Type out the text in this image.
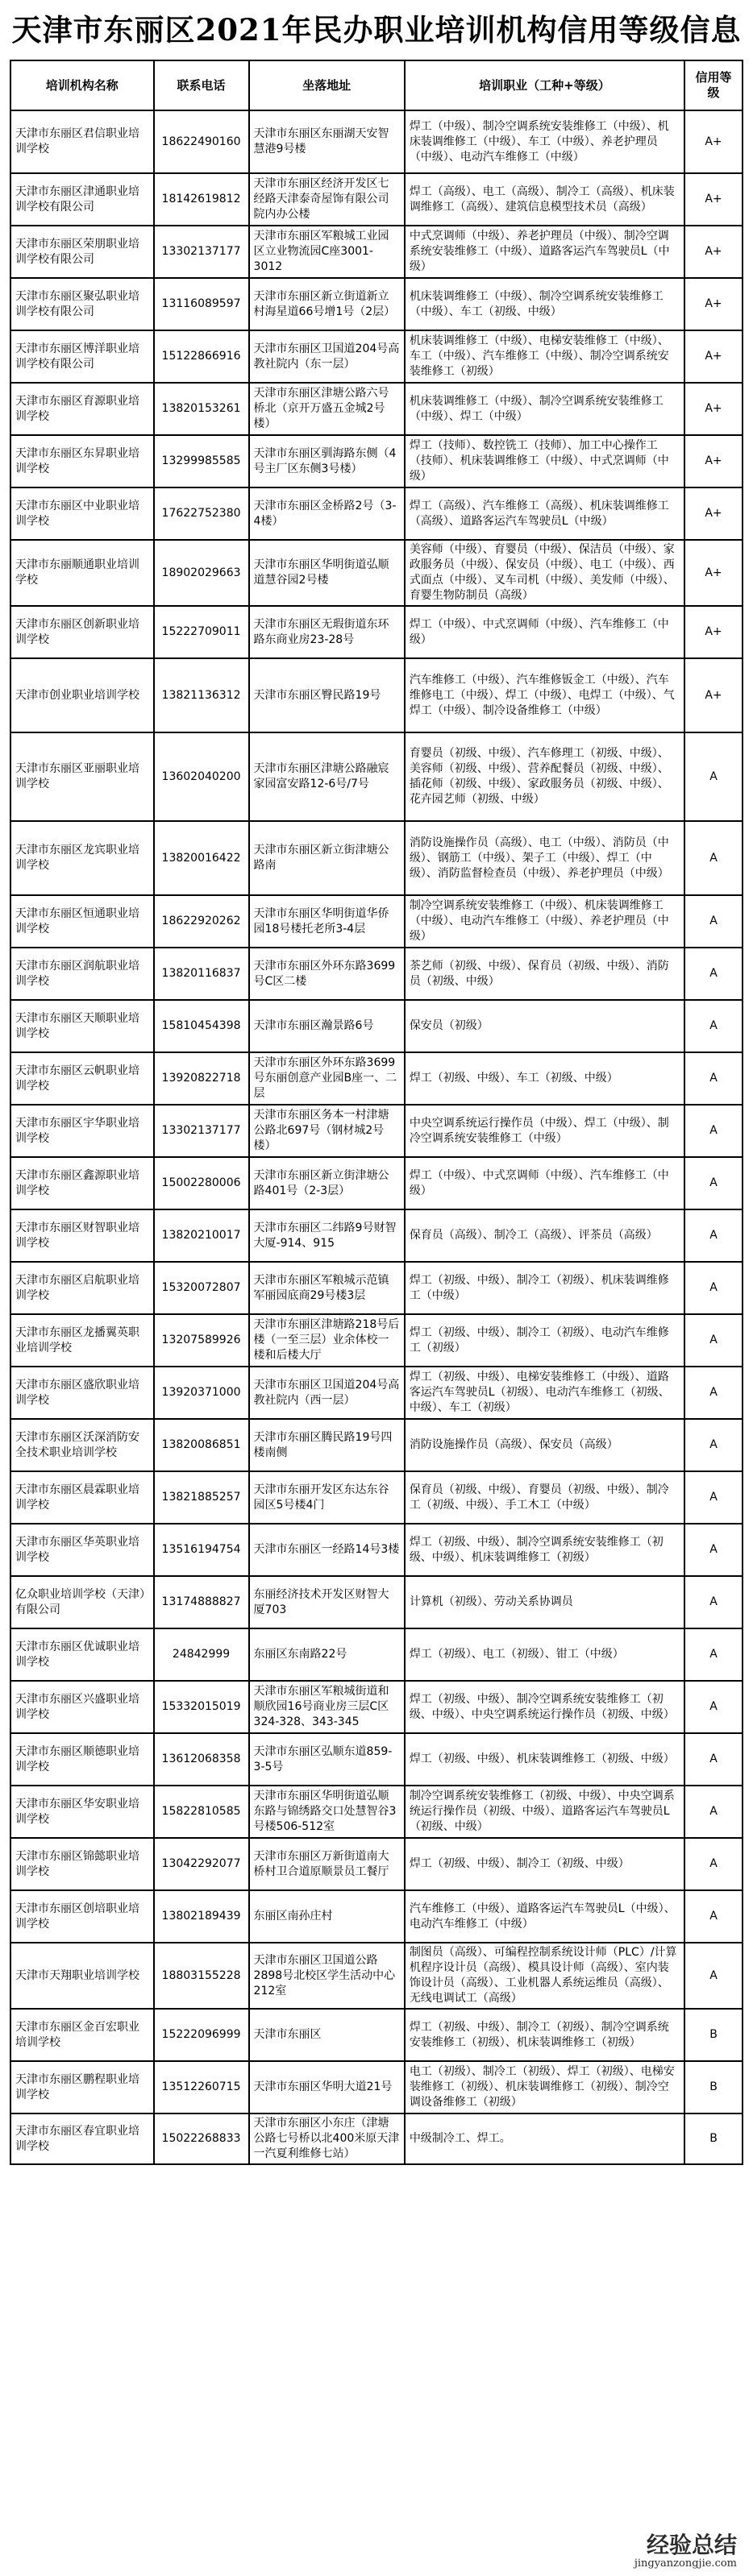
天津市东丽区2021年民办职业培训机构信用等级信息
培训机构名称	联系电话	坐落地址	培训职业（工种+等级）	信用等级
天津市东丽区君信职业培训学校	18622490160	天津市东丽区东丽湖天安智慧港9号楼	焊工（中级）、制冷空调系统安装维修工（中级）、机床装调维修工（中级）、车工（中级）、养老护理员（中级）、电动汽车维修工（中级）	A+
天津市东丽区津通职业培训学校有限公司	18142619812	天津市东丽区经济开发区七经路天津泰奇屋饰有限公司院内办公楼	焊工（高级）、电工（高级）、制冷工（高级）、机床装调维修工（高级）、建筑信息模型技术员（高级）	A+
天津市东丽区荣朋职业培训学校有限公司	13302137177	天津市东丽区军粮城工业园区立业物流园C座3001-3012	中式烹调师（中级）、养老护理员（中级）、制冷空调系统安装维修工（中级）、道路客运汽车驾驶员L（中级）	A+
天津市东丽区聚弘职业培训学校有限公司	13116089597	天津市东丽区新立街道新立村海星道66号增1号（2层）	机床装调维修工（中级）、制冷空调系统安装维修工（中级）、车工（初级、中级）	A+
天津市东丽区博洋职业培训学校有限公司	15122866916	天津市东丽区卫国道204号高教社院内（东一层）	机床装调维修工（中级）、电梯安装维修工（中级）、车工（中级）、汽车维修工（中级）、制冷空调系统安装维修工（初级）	A+
天津市东丽区育源职业培训学校	13820153261	天津市东丽区津塘公路六号桥北（京开万盛五金城2号楼）	机床装调维修工（中级）、制冷空调系统安装维修工（中级）、焊工（中级）	A+
天津市东丽区东昇职业培训学校	13299985585	天津市东丽区驯海路东侧（4号主厂区东侧3号楼）	焊工（技师）、数控铣工（技师）、加工中心操作工（技师）、机床装调维修工（中级）、中式烹调师（中级）	A+
天津市东丽区中业职业培训学校	17622752380	天津市东丽区金桥路2号（3-4楼）	焊工（高级）、汽车维修工（高级）、机床装调维修工（高级）、道路客运汽车驾驶员L（中级）	A+
天津市东丽顺通职业培训学校	18902029663	天津市东丽区华明街道弘顺道慧谷园2号楼	美容师（中级）、育婴员（中级）、保洁员（中级）、家政服务员（中级）、保安员（中级）、电工（中级）、西式面点（中级）、叉车司机（中级）、美发师（中级）、育婴生物防制员（高级）	A+
天津市东丽区创新职业培训学校	15222709011	天津市东丽区无瑕街道东环路东商业房23-28号	焊工（中级）、中式烹调师（中级）、汽车维修工（中级）	A+
天津市创业职业培训学校	13821136312	天津市东丽区臀民路19号	汽车维修工（中级）、汽车维修钣金工（中级）、汽车维修电工（中级）、焊工（中级）、电焊工（中级）、气焊工（中级）、制冷设备维修工（中级）	A+
天津市东丽区亚丽职业培训学校	13602040200	天津市东丽区津塘公路融宸家园富安路12-6号/7号	育婴员（初级、中级）、汽车修理工（初级、中级）、美容师（初级、中级）、营养配餐员（初级、中级）、插花师（初级、中级）、家政服务员（初级、中级）、花卉园艺师（初级、中级）	A
天津市东丽区龙宾职业培训学校	13820016422	天津市东丽区新立街津塘公路南	消防设施操作员（高级）、电工（中级）、消防员（中级）、钢筋工（中级）、架子工（中级）、焊工（中级）、消防监督检查员（中级）、养老护理员（中级）	A
天津市东丽区恒通职业培训学校	18622920262	天津市东丽区华明街道华侨园18号楼托老所3-4层	制冷空调系统安装维修工（中级）、机床装调维修工（中级）、电动汽车维修工（中级）、养老护理员（中级）	A
天津市东丽区润航职业培训学校	13820116837	天津市东丽区外环东路3699号C区二楼	茶艺师（初级、中级）、保育员（初级、中级）、消防员（初级、中级）	A
天津市东丽区天顺职业培训学校	15810454398	天津市东丽区瀚景路6号	保安员（初级）	A
天津市东丽区云帆职业培训学校	13920822718	天津市东丽区外环东路3699号东丽创意产业园B座一、二层	焊工（初级、中级）、车工（初级、中级）	A
天津市东丽区宇华职业培训学校	13302137177	天津市东丽区务本一村津塘公路北697号（钢材城2号楼）	中央空调系统运行操作员（中级）、焊工（中级）、制冷空调系统安装维修工（中级）	A
天津市东丽区鑫源职业培训学校	15002280006	天津市东丽区新立街津塘公路401号（2-3层）	焊工（中级）、中式烹调师（中级）、汽车维修工（中级）	A
天津市东丽区财智职业培训学校	13820210017	天津市东丽区二纬路9号财智大厦-914、915	保育员（高级）、制冷工（高级）、评茶员（高级）	A
天津市东丽区启航职业培训学校	15320072807	天津市东丽区军粮城示范镇军丽园底商29号楼3层	焊工（初级、中级）、制冷工（初级）、机床装调维修工（中级）	A
天津市东丽区龙播翼英职业培训学校	13207589926	天津市东丽区津塘路218号后楼（一至三层）业余体校一楼和后楼大厅	焊工（初级、中级）、制冷工（初级）、电动汽车维修工（初级）	A
天津市东丽区盛欣职业培训学校	13920371000	天津市东丽区卫国道204号高教社院内（西一层）	焊工（初级、中级）、电梯安装维修工（中级）、道路客运汽车驾驶员L（初级）、电动汽车维修工（初级、中级）、车工（初级）	A
天津市东丽区沃深消防安全技术职业培训学校	13820086851	天津市东丽区腾民路19号四楼南侧	消防设施操作员（高级）、保安员（高级）	A
天津市东丽区晨霖职业培训学校	13821885257	天津市东丽开发区东达东谷园区5号楼4门	保育员（初级、中级）、育婴员（初级、中级）、制冷工（初级、中级）、手工木工（中级）	A
天津市东丽区华英职业培训学校	13516194754	天津市东丽区一经路14号3楼	焊工（初级、中级）、制冷空调系统安装维修工（初级、中级）、机床装调维修工（初级）	A
亿众职业培训学校（天津）有限公司	13174888827	东丽经济技术开发区财智大厦703	计算机（初级）、劳动关系协调员	A
天津市东丽区优诚职业培训学校	24842999	东丽区东南路22号	焊工（初级）、电工（初级）、钳工（中级）	A
天津市东丽区兴盛职业培训学校	15332015019	天津市东丽区军粮城街道和顺欣园16号商业房三层C区324-328、343-345	焊工（初级、中级）、制冷空调系统安装维修工（初级、中级）、中央空调系统运行操作员（初级、中级）	A
天津市东丽区顺德职业培训学校	13612068358	天津市东丽区弘顺东道859-3-5号	焊工（初级、中级）、机床装调维修工（初级、中级）	A
天津市东丽区华安职业培训学校	15822810585	天津市东丽区华明街道弘顺东路与锦绣路交口处慧智谷3号楼506-512室	制冷空调系统安装维修工（初级、中级）、中央空调系统运行操作员（初级、中级）、道路客运汽车驾驶员L（初级、中级）	A
天津市东丽区锦懿职业培训学校	13042292077	天津市东丽区万新街道南大桥村卫合道原顺景员工餐厅	焊工（初级、中级）、制冷工（初级、中级）	A
天津市东丽区创培职业培训学校	13802189439	东丽区南孙庄村	汽车维修工（中级）、道路客运汽车驾驶员L（中级）、电动汽车维修工（中级）	A
天津市天翔职业培训学校	18803155228	天津市东丽区卫国道公路2898号北校区学生活动中心212室	制图员（高级）、可编程控制系统设计师（PLC）/计算机程序设计员（高级）、模具设计师（高级）、室内装饰设计员（高级）、工业机器人系统运维员（高级）、无线电调试工（高级）	A
天津市东丽区金百宏职业培训学校	15222096999	天津市东丽区	焊工（初级、中级）、制冷工（初级）、制冷空调系统安装维修工（初级）、机床装调维修工（初级）	B
天津市东丽区鹏程职业培训学校	13512260715	天津市东丽区华明大道21号	电工（初级）、制冷工（初级）、焊工（初级）、电梯安装维修工（初级）、机床装调维修工（初级）、制冷空调设备维修工（初级）	B
天津市东丽区春宜职业培训学校	15022268833	天津市东丽区小东庄（津塘公路七号桥以北400米原天津一汽夏利维修七站）	中级制冷工、焊工。	B
经验总结
jingyanzongjie.com
